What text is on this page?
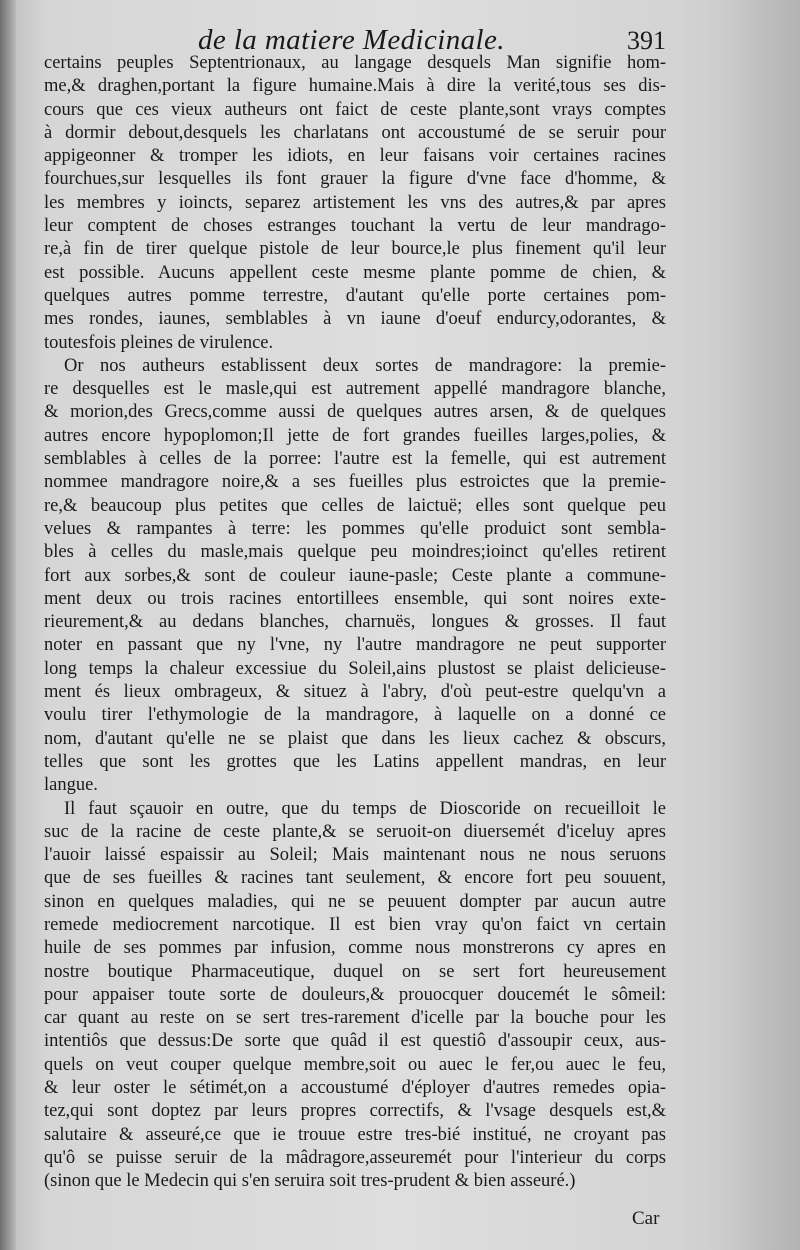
de la matiere Medicinale.	391

certains peuples Septentrionaux, au langage desquels Man signifie hom-
me,& draghen,portant la figure humaine.Mais à dire la verité,tous ses dis-
cours que ces vieux autheurs ont faict de ceste plante,sont vrays comptes
à dormir debout,desquels les charlatans ont accoustumé de se seruir pour
appigeonner & tromper les idiots, en leur faisans voir certaines racines
fourchues,sur lesquelles ils font grauer la figure d'vne face d'homme, &
les membres y ioincts, separez artistement les vns des autres,& par apres
leur comptent de choses estranges touchant la vertu de leur mandrago-
re,à fin de tirer quelque pistole de leur bource,le plus finement qu'il leur
est possible. Aucuns appellent ceste mesme plante pomme de chien, &
quelques autres pomme terrestre, d'autant qu'elle porte certaines pom-
mes rondes, iaunes, semblables à vn iaune d'oeuf endurcy,odorantes, &
toutesfois pleines de virulence.

Or nos autheurs establissent deux sortes de mandragore: la premie-
re desquelles est le masle,qui est autrement appellé mandragore blanche,
& morion,des Grecs,comme aussi de quelques autres arsen, & de quelques
autres encore hypoplomon;Il jette de fort grandes fueilles larges,polies, &
semblables à celles de la porree: l'autre est la femelle, qui est autrement
nommee mandragore noire,& a ses fueilles plus estroictes que la premie-
re,& beaucoup plus petites que celles de laictuë; elles sont quelque peu
velues & rampantes à terre: les pommes qu'elle produict sont sembla-
bles à celles du masle,mais quelque peu moindres;ioinct qu'elles retirent
fort aux sorbes,& sont de couleur iaune-pasle; Ceste plante a commune-
ment deux ou trois racines entortillees ensemble, qui sont noires exte-
rieurement,& au dedans blanches, charnuës, longues & grosses. Il faut
noter en passant que ny l'vne, ny l'autre mandragore ne peut supporter
long temps la chaleur excessiue du Soleil,ains plustost se plaist delicieuse-
ment és lieux ombrageux, & situez à l'abry, d'où peut-estre quelqu'vn a
voulu tirer l'ethymologie de la mandragore, à laquelle on a donné ce
nom, d'autant qu'elle ne se plaist que dans les lieux cachez & obscurs,
telles que sont les grottes que les Latins appellent mandras, en leur
langue.

Il faut sçauoir en outre, que du temps de Dioscoride on recueilloit le
suc de la racine de ceste plante,& se seruoit-on diuersemét d'iceluy apres
l'auoir laissé espaissir au Soleil; Mais maintenant nous ne nous seruons
que de ses fueilles & racines tant seulement, & encore fort peu souuent,
sinon en quelques maladies, qui ne se peuuent dompter par aucun autre
remede mediocrement narcotique. Il est bien vray qu'on faict vn certain
huile de ses pommes par infusion, comme nous monstrerons cy apres en
nostre boutique Pharmaceutique, duquel on se sert fort heureusement
pour appaiser toute sorte de douleurs,& prouocquer doucemét le sômeil:
car quant au reste on se sert tres-rarement d'icelle par la bouche pour les
intentiôs que dessus:De sorte que quâd il est questiô d'assoupir ceux, aus-
quels on veut couper quelque membre,soit ou auec le fer,ou auec le feu,
& leur oster le sétimét,on a accoustumé d'éployer d'autres remedes opia-
tez,qui sont doptez par leurs propres correctifs, & l'vsage desquels est,&
salutaire & asseuré,ce que ie trouue estre tres-bié institué, ne croyant pas
qu'ô se puisse seruir de la mâdragore,asseuremét pour l'interieur du corps
(sinon que le Medecin qui s'en seruira soit tres-prudent & bien asseuré.)

Car
